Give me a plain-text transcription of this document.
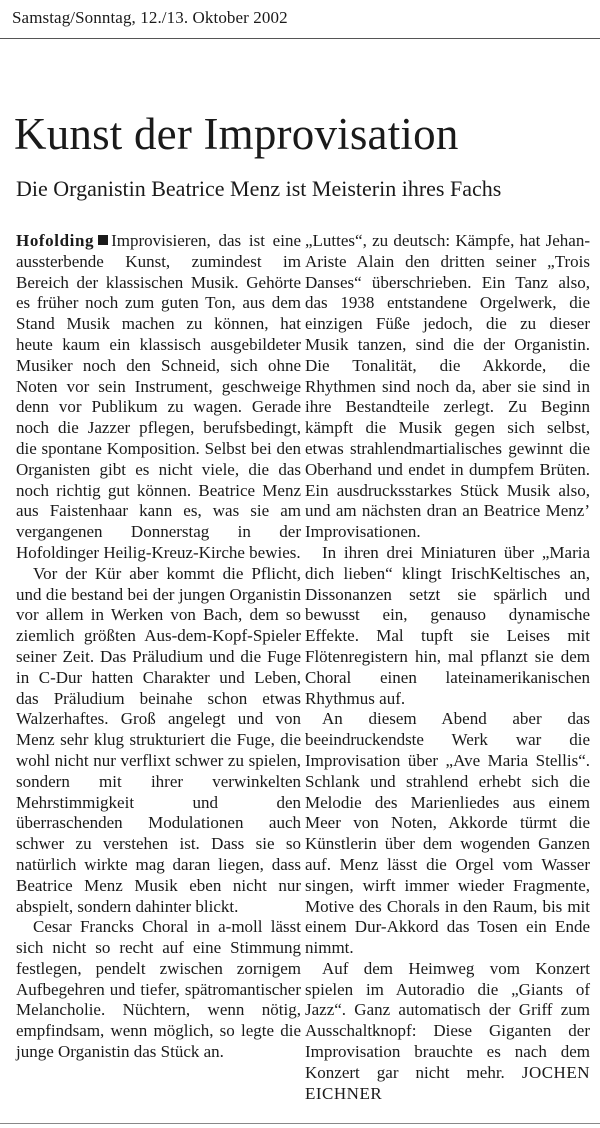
Samstag/Sonntag, 12./13. Oktober 2002
Kunst der Improvisation
Die Organistin Beatrice Menz ist Meisterin ihres Fachs

Hofolding Improvisieren, das ist eine aussterbende Kunst, zumindest im Bereich der klassischen Musik. Gehörte es früher noch zum guten Ton, aus dem Stand Musik machen zu können, hat heute kaum ein klassisch ausgebildeter Musiker noch den Schneid, sich ohne Noten vor sein Instrument, geschweige denn vor Publikum zu wagen. Gerade noch die Jazzer pflegen, berufsbedingt, die spontane Komposition. Selbst bei den Organisten gibt es nicht viele, die das noch richtig gut können. Beatrice Menz aus Faistenhaar kann es, was sie am vergangenen Donnerstag in der Hofoldinger Heilig-Kreuz-Kirche bewies.

Vor der Kür aber kommt die Pflicht, und die bestand bei der jungen Organistin vor allem in Werken von Bach, dem so ziemlich größten Aus-dem-Kopf-Spieler seiner Zeit. Das Präludium und die Fuge in C-Dur hatten Charakter und Leben, das Präludium beinahe schon etwas Walzerhaftes. Groß angelegt und von Menz sehr klug strukturiert die Fuge, die wohl nicht nur verflixt schwer zu spielen, sondern mit ihrer verwinkelten Mehrstimmigkeit und den überraschenden Modulationen auch schwer zu verstehen ist. Dass sie so natürlich wirkte mag daran liegen, dass Beatrice Menz Musik eben nicht nur abspielt, sondern dahinter blickt.

Cesar Francks Choral in a-moll lässt sich nicht so recht auf eine Stimmung festlegen, pendelt zwischen zornigem Aufbegehren und tiefer, spätromantischer Melancholie. Nüchtern, wenn nötig, empfindsam, wenn möglich, so legte die junge Organistin das Stück an.

„Luttes“, zu deutsch: Kämpfe, hat Jehan-Ariste Alain den dritten seiner „Trois Danses“ überschrieben. Ein Tanz also, das 1938 entstandene Orgelwerk, die einzigen Füße jedoch, die zu dieser Musik tanzen, sind die der Organistin. Die Tonalität, die Akkorde, die Rhythmen sind noch da, aber sie sind in ihre Bestandteile zerlegt. Zu Beginn kämpft die Musik gegen sich selbst, etwas strahlendmartialisches gewinnt die Oberhand und endet in dumpfem Brüten. Ein ausdrucksstarkes Stück Musik also, und am nächsten dran an Beatrice Menz’ Improvisationen.

In ihren drei Miniaturen über „Maria dich lieben“ klingt IrischKeltisches an, Dissonanzen setzt sie spärlich und bewusst ein, genauso dynamische Effekte. Mal tupft sie Leises mit Flötenregistern hin, mal pflanzt sie dem Choral einen lateinamerikanischen Rhythmus auf.

An diesem Abend aber das beeindruckendste Werk war die Improvisation über „Ave Maria Stellis“. Schlank und strahlend erhebt sich die Melodie des Marienliedes aus einem Meer von Noten, Akkorde türmt die Künstlerin über dem wogenden Ganzen auf. Menz lässt die Orgel vom Wasser singen, wirft immer wieder Fragmente, Motive des Chorals in den Raum, bis mit einem Dur-Akkord das Tosen ein Ende nimmt.

Auf dem Heimweg vom Konzert spielen im Autoradio die „Giants of Jazz“. Ganz automatisch der Griff zum Ausschaltknopf: Diese Giganten der Improvisation brauchte es nach dem Konzert gar nicht mehr. JOCHEN EICHNER
